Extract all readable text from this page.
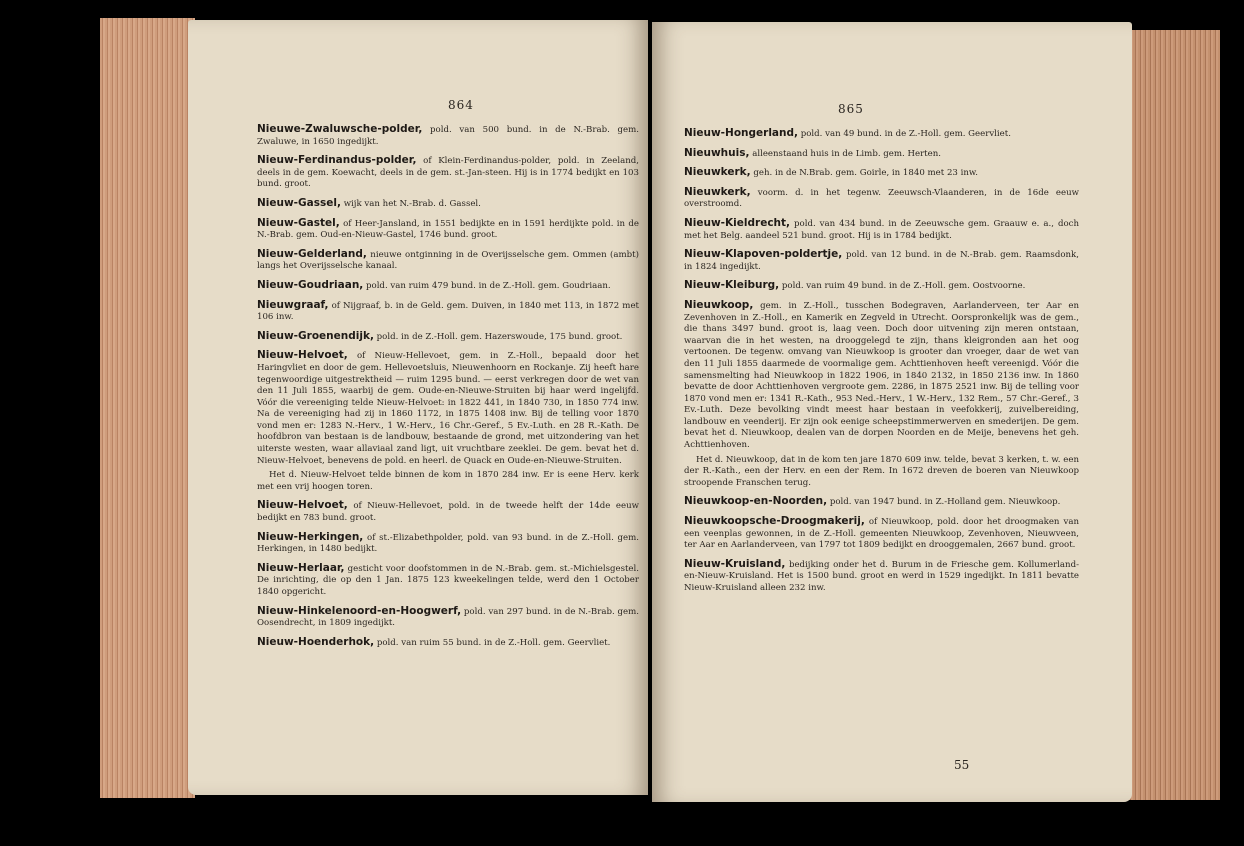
864

Nieuwe-Zwaluwsche-polder, pold. van 500 bund. in de N.-Brab. gem. Zwaluwe, in 1650 ingedijkt.

Nieuw-Ferdinandus-polder, of Klein-Ferdinandus-polder, pold. in Zeeland, deels in de gem. Koewacht, deels in de gem. st.-Jan-steen. Hij is in 1774 bedijkt en 103 bund. groot.

Nieuw-Gassel, wijk van het N.-Brab. d. Gassel.

Nieuw-Gastel, of Heer-Jansland, in 1551 bedijkte en in 1591 herdijkte pold. in de N.-Brab. gem. Oud-en-Nieuw-Gastel, 1746 bund. groot.

Nieuw-Gelderland, nieuwe ontginning in de Overijsselsche gem. Ommen (ambt) langs het Overijsselsche kanaal.

Nieuw-Goudriaan, pold. van ruim 479 bund. in de Z.-Holl. gem. Goudriaan.

Nieuwgraaf, of Nijgraaf, b. in de Geld. gem. Duiven, in 1840 met 113, in 1872 met 106 inw.

Nieuw-Groenendijk, pold. in de Z.-Holl. gem. Hazerswoude, 175 bund. groot.

Nieuw-Helvoet, of Nieuw-Hellevoet, gem. in Z.-Holl., bepaald door het Haringvliet en door de gem. Hellevoetsluis, Nieuwenhoorn en Rockanje. Zij heeft hare tegenwoordige uitgestrektheid — ruim 1295 bund. — eerst verkregen door de wet van den 11 Juli 1855, waarbij de gem. Oude-en-Nieuwe-Struiten bij haar werd ingelijfd. Vóór die vereeniging telde Nieuw-Helvoet: in 1822 441, in 1840 730, in 1850 774 inw. Na de vereeniging had zij in 1860 1172, in 1875 1408 inw. Bij de telling voor 1870 vond men er: 1283 N.-Herv., 1 W.-Herv., 16 Chr.-Geref., 5 Ev.-Luth. en 28 R.-Kath. De hoofdbron van bestaan is de landbouw, bestaande de grond, met uitzondering van het uiterste westen, waar allaviaal zand ligt, uit vruchtbare zeeklei. De gem. bevat het d. Nieuw-Helvoet, benevens de pold. en heerl. de Quack en Oude-en-Nieuwe-Struiten.

Het d. Nieuw-Helvoet telde binnen de kom in 1870 284 inw. Er is eene Herv. kerk met een vrij hoogen toren.

Nieuw-Helvoet, of Nieuw-Hellevoet, pold. in de tweede helft der 14de eeuw bedijkt en 783 bund. groot.

Nieuw-Herkingen, of st.-Elizabethpolder, pold. van 93 bund. in de Z.-Holl. gem. Herkingen, in 1480 bedijkt.

Nieuw-Herlaar, gesticht voor doofstommen in de N.-Brab. gem. st.-Michielsgestel. De inrichting, die op den 1 Jan. 1875 123 kweekelingen telde, werd den 1 October 1840 opgericht.

Nieuw-Hinkelenoord-en-Hoogwerf, pold. van 297 bund. in de N.-Brab. gem. Oosendrecht, in 1809 ingedijkt.

Nieuw-Hoenderhok, pold. van ruim 55 bund. in de Z.-Holl. gem. Geervliet.

865

Nieuw-Hongerland, pold. van 49 bund. in de Z.-Holl. gem. Geervliet.

Nieuwhuis, alleenstaand huis in de Limb. gem. Herten.

Nieuwkerk, geh. in de N.Brab. gem. Goirle, in 1840 met 23 inw.

Nieuwkerk, voorm. d. in het tegenw. Zeeuwsch-Vlaanderen, in de 16de eeuw overstroomd.

Nieuw-Kieldrecht, pold. van 434 bund. in de Zeeuwsche gem. Graauw e. a., doch met het Belg. aandeel 521 bund. groot. Hij is in 1784 bedijkt.

Nieuw-Klapoven-poldertje, pold. van 12 bund. in de N.-Brab. gem. Raamsdonk, in 1824 ingedijkt.

Nieuw-Kleiburg, pold. van ruim 49 bund. in de Z.-Holl. gem. Oostvoorne.

Nieuwkoop, gem. in Z.-Holl., tusschen Bodegraven, Aarlanderveen, ter Aar en Zevenhoven in Z.-Holl., en Kamerik en Zegveld in Utrecht. Oorspronkelijk was de gem., die thans 3497 bund. groot is, laag veen. Doch door uitvening zijn meren ontstaan, waarvan die in het westen, na drooggelegd te zijn, thans kleigronden aan het oog vertoonen. De tegenw. omvang van Nieuwkoop is grooter dan vroeger, daar de wet van den 11 Juli 1855 daarmede de voormalige gem. Achttienhoven heeft vereenigd. Vóór die samensmelting had Nieuwkoop in 1822 1906, in 1840 2132, in 1850 2136 inw. In 1860 bevatte de door Achttienhoven vergroote gem. 2286, in 1875 2521 inw. Bij de telling voor 1870 vond men er: 1341 R.-Kath., 953 Ned.-Herv., 1 W.-Herv., 132 Rem., 57 Chr.-Geref., 3 Ev.-Luth. Deze bevolking vindt meest haar bestaan in veefokkerij, zuivelbereiding, landbouw en veenderij. Er zijn ook eenige scheepstimmerwerven en smederijen. De gem. bevat het d. Nieuwkoop, dealen van de dorpen Noorden en de Meije, benevens het geh. Achttienhoven.

Het d. Nieuwkoop, dat in de kom ten jare 1870 609 inw. telde, bevat 3 kerken, t. w. een der R.-Kath., een der Herv. en een der Rem. In 1672 dreven de boeren van Nieuwkoop stroopende Franschen terug.

Nieuwkoop-en-Noorden, pold. van 1947 bund. in Z.-Holland gem. Nieuwkoop.

Nieuwkoopsche-Droogmakerij, of Nieuwkoop, pold. door het droogmaken van een veenplas gewonnen, in de Z.-Holl. gemeenten Nieuwkoop, Zevenhoven, Nieuwveen, ter Aar en Aarlanderveen, van 1797 tot 1809 bedijkt en drooggemalen, 2667 bund. groot.

Nieuw-Kruisland, bedijking onder het d. Burum in de Friesche gem. Kollumerland-en-Nieuw-Kruisland. Het is 1500 bund. groot en werd in 1529 ingedijkt. In 1811 bevatte Nieuw-Kruisland alleen 232 inw.

55
